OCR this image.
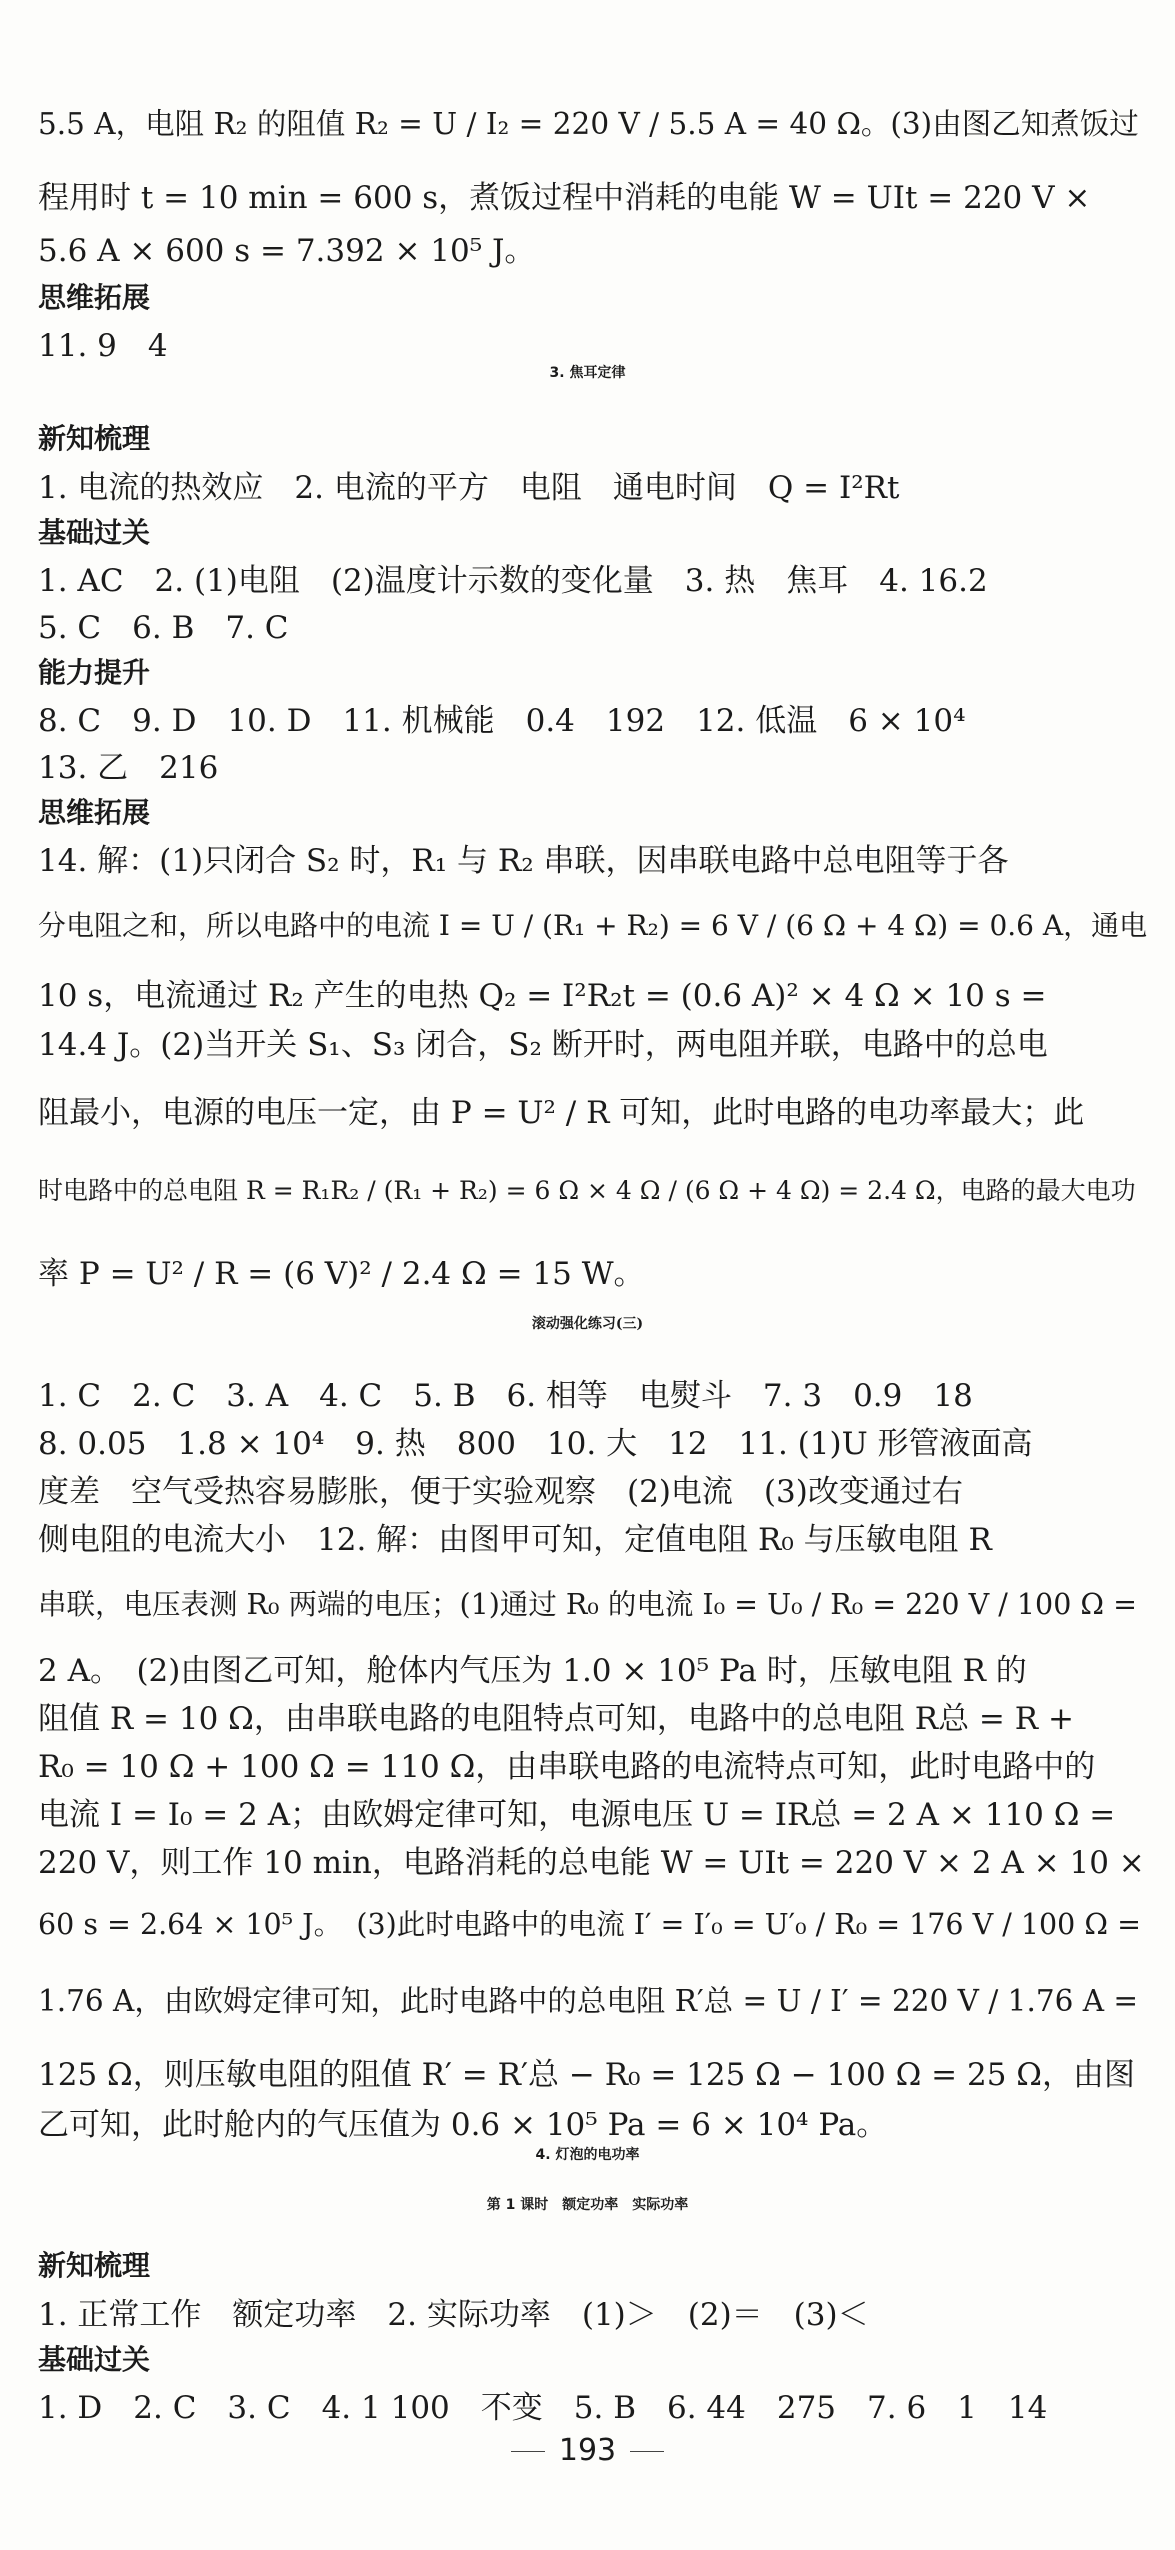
5.5 A，电阻 R₂ 的阻值 R₂ = U / I₂ = 220 V / 5.5 A = 40 Ω。(3)由图乙知煮饭过
程用时 t = 10 min = 600 s，煮饭过程中消耗的电能 W = UIt = 220 V ×
5.6 A × 600 s = 7.392 × 10⁵ J。
思维拓展
11. 9　4
3. 焦耳定律
新知梳理
1. 电流的热效应　2. 电流的平方　电阻　通电时间　Q = I²Rt
基础过关
1. AC　2. (1)电阻　(2)温度计示数的变化量　3. 热　焦耳　4. 16.2
5. C　6. B　7. C
能力提升
8. C　9. D　10. D　11. 机械能　0.4　192　12. 低温　6 × 10⁴
13. 乙　216
思维拓展
14. 解：(1)只闭合 S₂ 时，R₁ 与 R₂ 串联，因串联电路中总电阻等于各
分电阻之和，所以电路中的电流 I = U / (R₁ + R₂) = 6 V / (6 Ω + 4 Ω) = 0.6 A，通电
10 s，电流通过 R₂ 产生的电热 Q₂ = I²R₂t = (0.6 A)² × 4 Ω × 10 s =
14.4 J。(2)当开关 S₁、S₃ 闭合，S₂ 断开时，两电阻并联，电路中的总电
阻最小，电源的电压一定，由 P = U² / R 可知，此时电路的电功率最大；此
时电路中的总电阻 R = R₁R₂ / (R₁ + R₂) = 6 Ω × 4 Ω / (6 Ω + 4 Ω) = 2.4 Ω，电路的最大电功
率 P = U² / R = (6 V)² / 2.4 Ω = 15 W。
滚动强化练习(三)
1. C　2. C　3. A　4. C　5. B　6. 相等　电熨斗　7. 3　0.9　18
8. 0.05　1.8 × 10⁴　9. 热　800　10. 大　12　11. (1)U 形管液面高
度差　空气受热容易膨胀，便于实验观察　(2)电流　(3)改变通过右
侧电阻的电流大小　12. 解：由图甲可知，定值电阻 R₀ 与压敏电阻 R
串联，电压表测 R₀ 两端的电压；(1)通过 R₀ 的电流 I₀ = U₀ / R₀ = 220 V / 100 Ω =
2 A。　(2)由图乙可知，舱体内气压为 1.0 × 10⁵ Pa 时，压敏电阻 R 的
阻值 R = 10 Ω，由串联电路的电阻特点可知，电路中的总电阻 R总 = R +
R₀ = 10 Ω + 100 Ω = 110 Ω，由串联电路的电流特点可知，此时电路中的
电流 I = I₀ = 2 A；由欧姆定律可知，电源电压 U = IR总 = 2 A × 110 Ω =
220 V，则工作 10 min，电路消耗的总电能 W = UIt = 220 V × 2 A × 10 ×
60 s = 2.64 × 10⁵ J。　(3)此时电路中的电流 I′ = I′₀ = U′₀ / R₀ = 176 V / 100 Ω =
1.76 A，由欧姆定律可知，此时电路中的总电阻 R′总 = U / I′ = 220 V / 1.76 A =
125 Ω，则压敏电阻的阻值 R′ = R′总 − R₀ = 125 Ω − 100 Ω = 25 Ω，由图
乙可知，此时舱内的气压值为 0.6 × 10⁵ Pa = 6 × 10⁴ Pa。
4. 灯泡的电功率
第 1 课时　额定功率　实际功率
新知梳理
1. 正常工作　额定功率　2. 实际功率　(1)＞　(2)＝　(3)＜
基础过关
1. D　2. C　3. C　4. 1 100　不变　5. B　6. 44　275　7. 6　1　14
193
